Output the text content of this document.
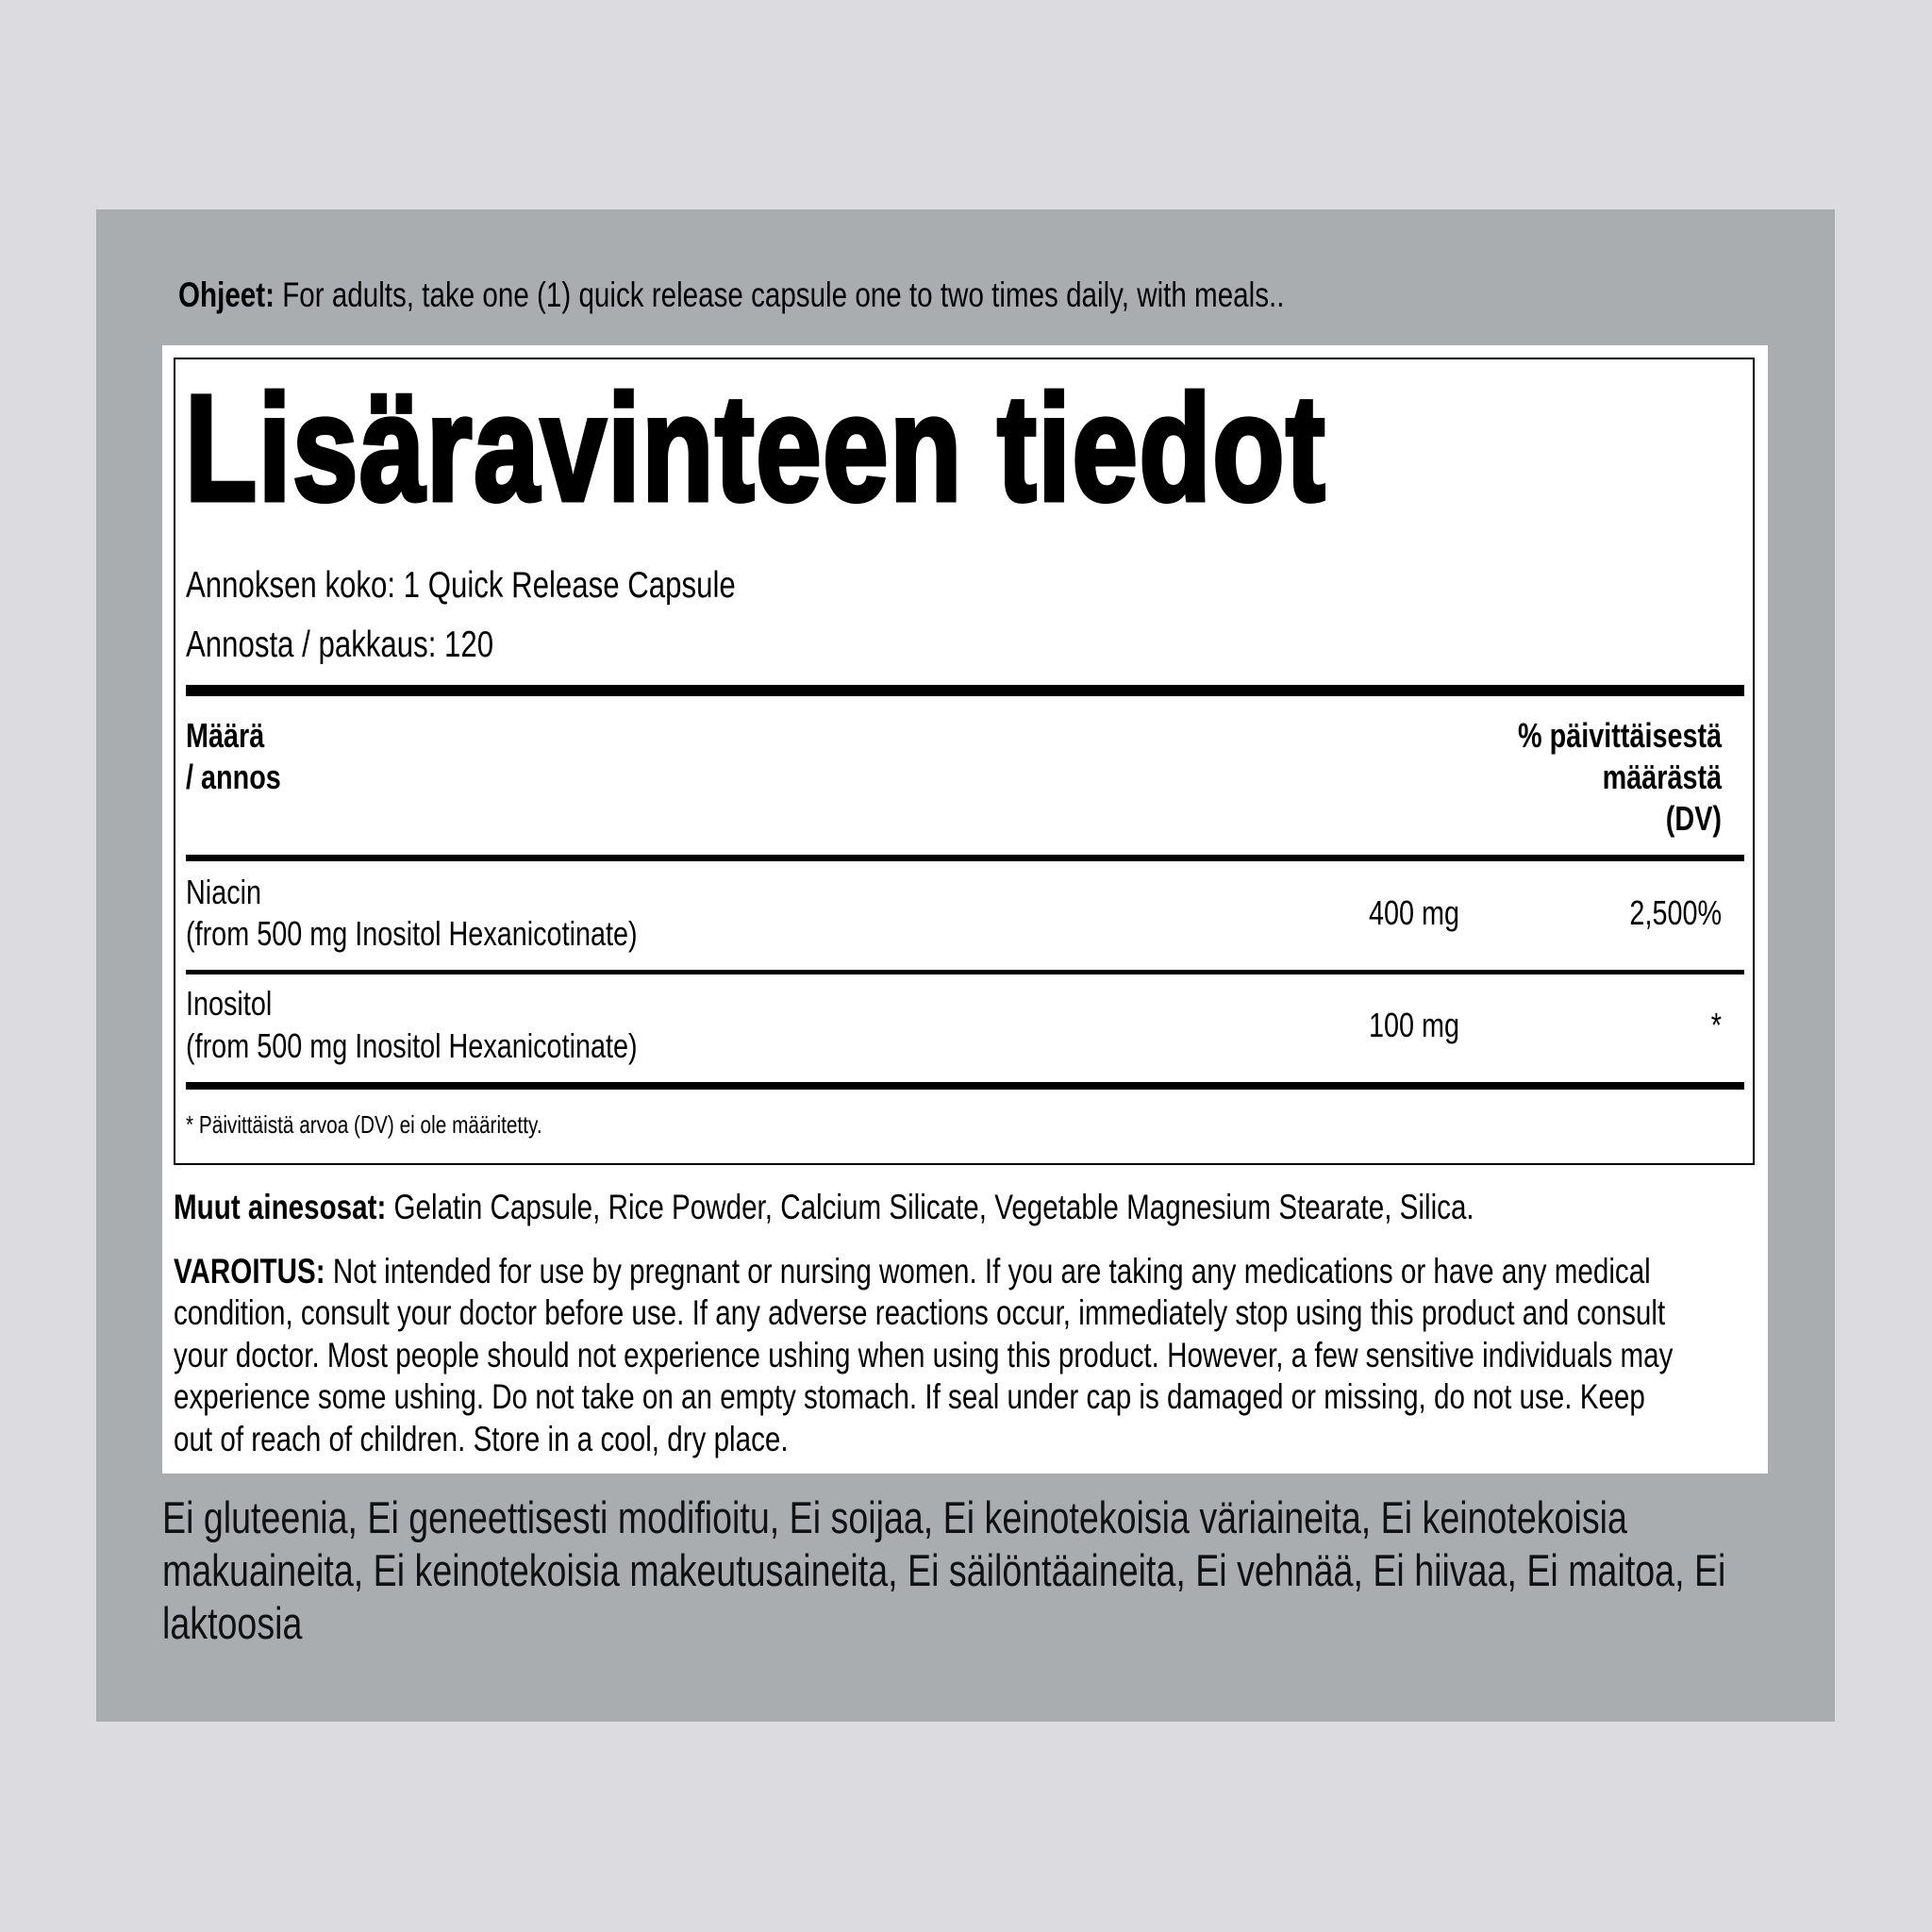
Ohjeet: For adults, take one (1) quick release capsule one to two times daily, with meals..
Lisäravinteen tiedot
Annoksen koko: 1 Quick Release Capsule
Annosta / pakkaus: 120
Määrä
/ annos
% päivittäisestä
määrästä
(DV)
Niacin
(from 500 mg Inositol Hexanicotinate)
400 mg	2,500%
Inositol
(from 500 mg Inositol Hexanicotinate)
100 mg	*
* Päivittäistä arvoa (DV) ei ole määritetty.
Muut ainesosat: Gelatin Capsule, Rice Powder, Calcium Silicate, Vegetable Magnesium Stearate, Silica.
VAROITUS: Not intended for use by pregnant or nursing women. If you are taking any medications or have any medical
condition, consult your doctor before use. If any adverse reactions occur, immediately stop using this product and consult
your doctor. Most people should not experience ushing when using this product. However, a few sensitive individuals may
experience some ushing. Do not take on an empty stomach. If seal under cap is damaged or missing, do not use. Keep
out of reach of children. Store in a cool, dry place.
Ei gluteenia, Ei geneettisesti modifioitu, Ei soijaa, Ei keinotekoisia väriaineita, Ei keinotekoisia
makuaineita, Ei keinotekoisia makeutusaineita, Ei säilöntäaineita, Ei vehnää, Ei hiivaa, Ei maitoa, Ei
laktoosia
